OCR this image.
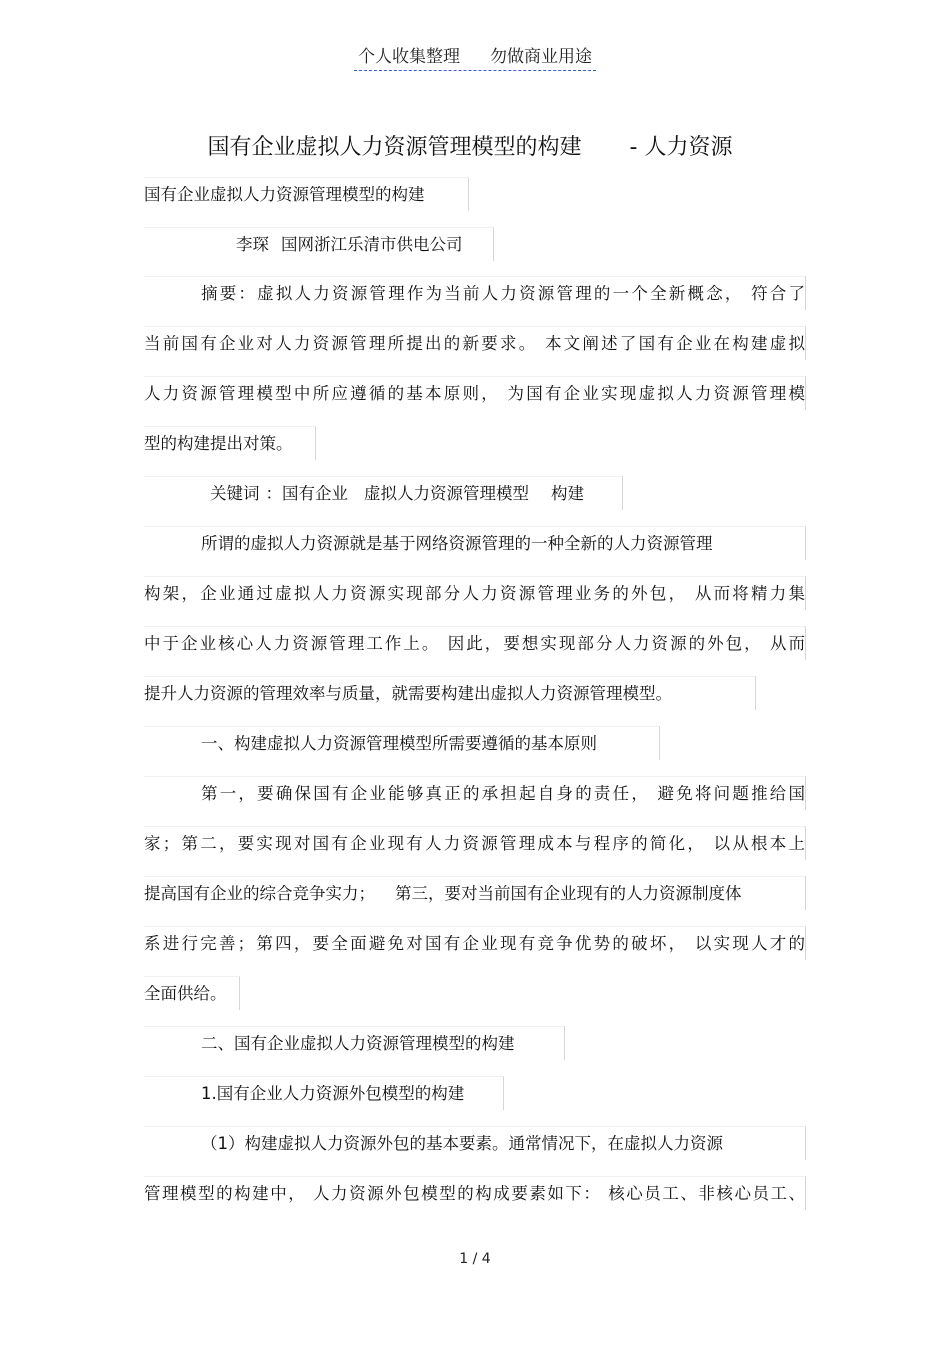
个人收集整理 勿做商业用途
国有企业虚拟人力资源管理模型的构建 - 人力资源
国有企业虚拟人力资源管理模型的构建
李琛 国网浙江乐清市供电公司
摘要：虚拟人力资源管理作为当前人力资源管理的一个全新概念， 符合了
当前国有企业对人力资源管理所提出的新要求。 本文阐述了国有企业在构建虚拟
人力资源管理模型中所应遵循的基本原则， 为国有企业实现虚拟人力资源管理模
型的构建提出对策。
关键词 ：国有企业 虚拟人力资源管理模型 构建
所谓的虚拟人力资源就是基于网络资源管理的一种全新的人力资源管理
构架，企业通过虚拟人力资源实现部分人力资源管理业务的外包， 从而将精力集
中于企业核心人力资源管理工作上。 因此，要想实现部分人力资源的外包， 从而
提升人力资源的管理效率与质量，就需要构建出虚拟人力资源管理模型。
一、构建虚拟人力资源管理模型所需要遵循的基本原则
第一，要确保国有企业能够真正的承担起自身的责任， 避免将问题推给国
家；第二，要实现对国有企业现有人力资源管理成本与程序的简化， 以从根本上
提高国有企业的综合竞争实力； 第三，要对当前国有企业现有的人力资源制度体
系进行完善；第四，要全面避免对国有企业现有竞争优势的破坏， 以实现人才的
全面供给。
二、国有企业虚拟人力资源管理模型的构建
1.国有企业人力资源外包模型的构建
（1）构建虚拟人力资源外包的基本要素。通常情况下，在虚拟人力资源
管理模型的构建中， 人力资源外包模型的构成要素如下： 核心员工、非核心员工、
1 / 4
